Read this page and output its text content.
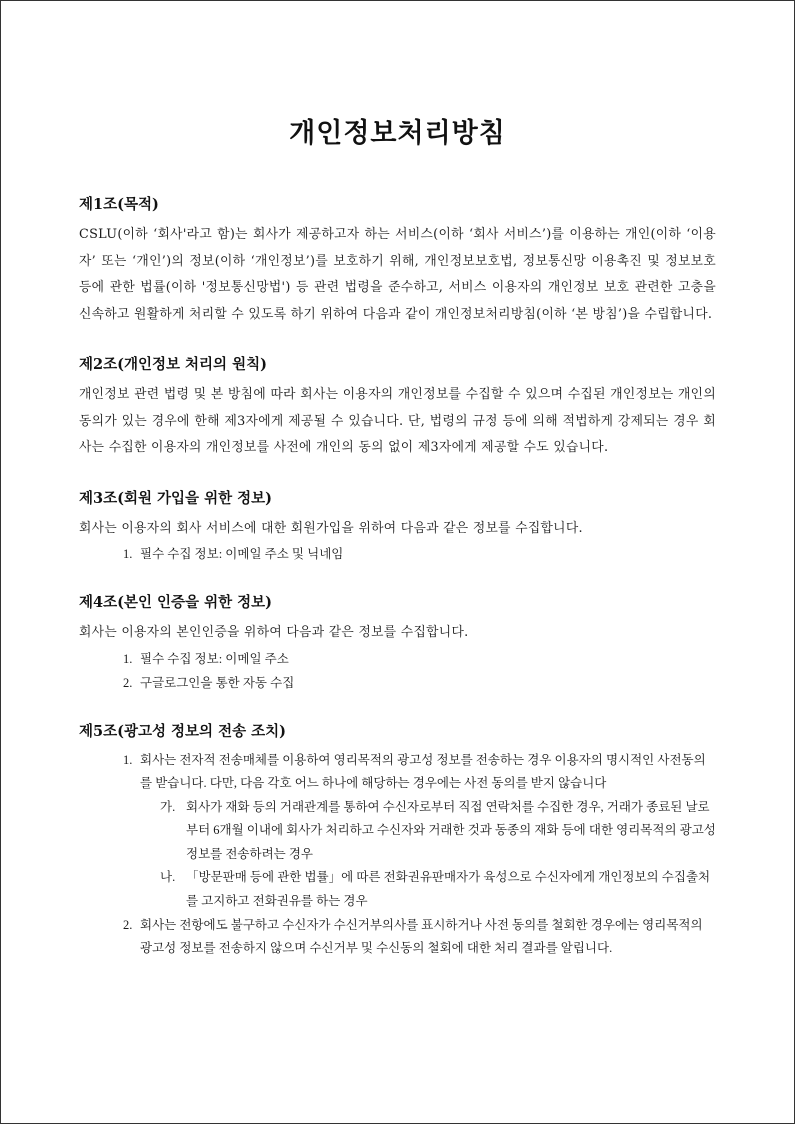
개인정보처리방침
제1조(목적)

CSLU(이하 ‘회사'라고 함)는 회사가 제공하고자 하는 서비스(이하 ‘회사 서비스’)를 이용하는 개인(이하 ‘이용자’ 또는 ‘개인’)의 정보(이하 ‘개인정보’)를 보호하기 위해, 개인정보보호법, 정보통신망 이용촉진 및 정보보호 등에 관한 법률(이하 '정보통신망법') 등 관련 법령을 준수하고, 서비스 이용자의 개인정보 보호 관련한 고충을 신속하고 원활하게 처리할 수 있도록 하기 위하여 다음과 같이 개인정보처리방침(이하 ‘본 방침’)을 수립합니다.

제2조(개인정보 처리의 원칙)

개인정보 관련 법령 및 본 방침에 따라 회사는 이용자의 개인정보를 수집할 수 있으며 수집된 개인정보는 개인의 동의가 있는 경우에 한해 제3자에게 제공될 수 있습니다. 단, 법령의 규정 등에 의해 적법하게 강제되는 경우 회사는 수집한 이용자의 개인정보를 사전에 개인의 동의 없이 제3자에게 제공할 수도 있습니다.

제3조(회원 가입을 위한 정보)

회사는 이용자의 회사 서비스에 대한 회원가입을 위하여 다음과 같은 정보를 수집합니다.

1. 필수 수집 정보: 이메일 주소 및 닉네임
제4조(본인 인증을 위한 정보)

회사는 이용자의 본인인증을 위하여 다음과 같은 정보를 수집합니다.

1. 필수 수집 정보: 이메일 주소
2. 구글로그인을 통한 자동 수집
제5조(광고성 정보의 전송 조치)
1. 회사는 전자적 전송매체를 이용하여 영리목적의 광고성 정보를 전송하는 경우 이용자의 명시적인 사전동의를 받습니다. 다만, 다음 각호 어느 하나에 해당하는 경우에는 사전 동의를 받지 않습니다
가. 회사가 재화 등의 거래관계를 통하여 수신자로부터 직접 연락처를 수집한 경우, 거래가 종료된 날로부터 6개월 이내에 회사가 처리하고 수신자와 거래한 것과 동종의 재화 등에 대한 영리목적의 광고성 정보를 전송하려는 경우
나. 「방문판매 등에 관한 법률」에 따른 전화권유판매자가 육성으로 수신자에게 개인정보의 수집출처를 고지하고 전화권유를 하는 경우
2. 회사는 전항에도 불구하고 수신자가 수신거부의사를 표시하거나 사전 동의를 철회한 경우에는 영리목적의 광고성 정보를 전송하지 않으며 수신거부 및 수신동의 철회에 대한 처리 결과를 알립니다.
